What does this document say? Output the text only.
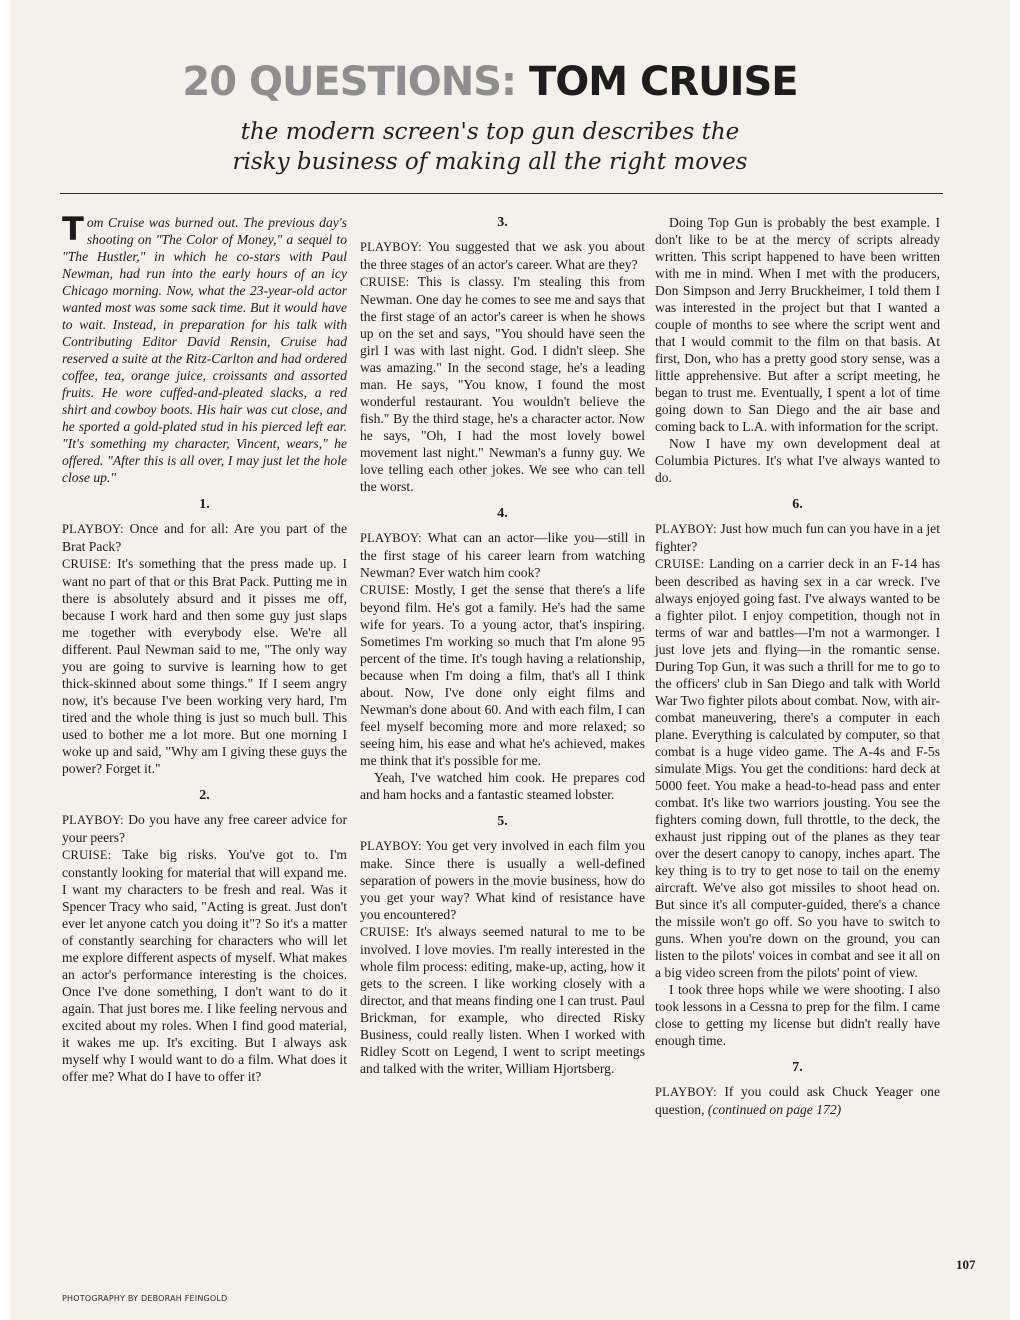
20 QUESTIONS: TOM CRUISE
the modern screen's top gun describes the
risky business of making all the right moves

Tom Cruise was burned out. The previous day's shooting on "The Color of Money," a sequel to "The Hustler," in which he co-stars with Paul Newman, had run into the early hours of an icy Chicago morning. Now, what the 23-year-old actor wanted most was some sack time. But it would have to wait. Instead, in preparation for his talk with Contributing Editor David Rensin, Cruise had reserved a suite at the Ritz-Carlton and had ordered coffee, tea, orange juice, croissants and assorted fruits. He wore cuffed-and-pleated slacks, a red shirt and cowboy boots. His hair was cut close, and he sported a gold-plated stud in his pierced left ear. "It's something my character, Vincent, wears," he offered. "After this is all over, I may just let the hole close up."

1.

PLAYBOY: Once and for all: Are you part of the Brat Pack?

CRUISE: It's something that the press made up. I want no part of that or this Brat Pack. Putting me in there is absolutely absurd and it pisses me off, because I work hard and then some guy just slaps me together with everybody else. We're all different. Paul Newman said to me, "The only way you are going to survive is learning how to get thick-skinned about some things." If I seem angry now, it's because I've been working very hard, I'm tired and the whole thing is just so much bull. This used to bother me a lot more. But one morning I woke up and said, "Why am I giving these guys the power? Forget it."

2.

PLAYBOY: Do you have any free career advice for your peers?

CRUISE: Take big risks. You've got to. I'm constantly looking for material that will expand me. I want my characters to be fresh and real. Was it Spencer Tracy who said, "Acting is great. Just don't ever let anyone catch you doing it"? So it's a matter of constantly searching for characters who will let me explore different aspects of myself. What makes an actor's performance interesting is the choices. Once I've done something, I don't want to do it again. That just bores me. I like feeling nervous and excited about my roles. When I find good material, it wakes me up. It's exciting. But I always ask myself why I would want to do a film. What does it offer me? What do I have to offer it?

3.

PLAYBOY: You suggested that we ask you about the three stages of an actor's career. What are they?

CRUISE: This is classy. I'm stealing this from Newman. One day he comes to see me and says that the first stage of an actor's career is when he shows up on the set and says, "You should have seen the girl I was with last night. God. I didn't sleep. She was amazing." In the second stage, he's a leading man. He says, "You know, I found the most wonderful restaurant. You wouldn't believe the fish." By the third stage, he's a character actor. Now he says, "Oh, I had the most lovely bowel movement last night." Newman's a funny guy. We love telling each other jokes. We see who can tell the worst.

4.

PLAYBOY: What can an actor—like you—still in the first stage of his career learn from watching Newman? Ever watch him cook?

CRUISE: Mostly, I get the sense that there's a life beyond film. He's got a family. He's had the same wife for years. To a young actor, that's inspiring. Sometimes I'm working so much that I'm alone 95 percent of the time. It's tough having a relationship, because when I'm doing a film, that's all I think about. Now, I've done only eight films and Newman's done about 60. And with each film, I can feel myself becoming more and more relaxed; so seeing him, his ease and what he's achieved, makes me think that it's possible for me.

Yeah, I've watched him cook. He prepares cod and ham hocks and a fantastic steamed lobster.

5.

PLAYBOY: You get very involved in each film you make. Since there is usually a well-defined separation of powers in the movie business, how do you get your way? What kind of resistance have you encountered?

CRUISE: It's always seemed natural to me to be involved. I love movies. I'm really interested in the whole film process: editing, make-up, acting, how it gets to the screen. I like working closely with a director, and that means finding one I can trust. Paul Brickman, for example, who directed Risky Business, could really listen. When I worked with Ridley Scott on Legend, I went to script meetings and talked with the writer, William Hjortsberg.

Doing Top Gun is probably the best example. I don't like to be at the mercy of scripts already written. This script happened to have been written with me in mind. When I met with the producers, Don Simpson and Jerry Bruckheimer, I told them I was interested in the project but that I wanted a couple of months to see where the script went and that I would commit to the film on that basis. At first, Don, who has a pretty good story sense, was a little apprehensive. But after a script meeting, he began to trust me. Eventually, I spent a lot of time going down to San Diego and the air base and coming back to L.A. with information for the script.

Now I have my own development deal at Columbia Pictures. It's what I've always wanted to do.

6.

PLAYBOY: Just how much fun can you have in a jet fighter?

CRUISE: Landing on a carrier deck in an F-14 has been described as having sex in a car wreck. I've always enjoyed going fast. I've always wanted to be a fighter pilot. I enjoy competition, though not in terms of war and battles—I'm not a warmonger. I just love jets and flying—in the romantic sense. During Top Gun, it was such a thrill for me to go to the officers' club in San Diego and talk with World War Two fighter pilots about combat. Now, with air-combat maneuvering, there's a computer in each plane. Everything is calculated by computer, so that combat is a huge video game. The A-4s and F-5s simulate Migs. You get the conditions: hard deck at 5000 feet. You make a head-to-head pass and enter combat. It's like two warriors jousting. You see the fighters coming down, full throttle, to the deck, the exhaust just ripping out of the planes as they tear over the desert canopy to canopy, inches apart. The key thing is to try to get nose to tail on the enemy aircraft. We've also got missiles to shoot head on. But since it's all computer-guided, there's a chance the missile won't go off. So you have to switch to guns. When you're down on the ground, you can listen to the pilots' voices in combat and see it all on a big video screen from the pilots' point of view.

I took three hops while we were shooting. I also took lessons in a Cessna to prep for the film. I came close to getting my license but didn't really have enough time.

7.

PLAYBOY: If you could ask Chuck Yeager one question, (continued on page 172)

107
PHOTOGRAPHY BY DEBORAH FEINGOLD
